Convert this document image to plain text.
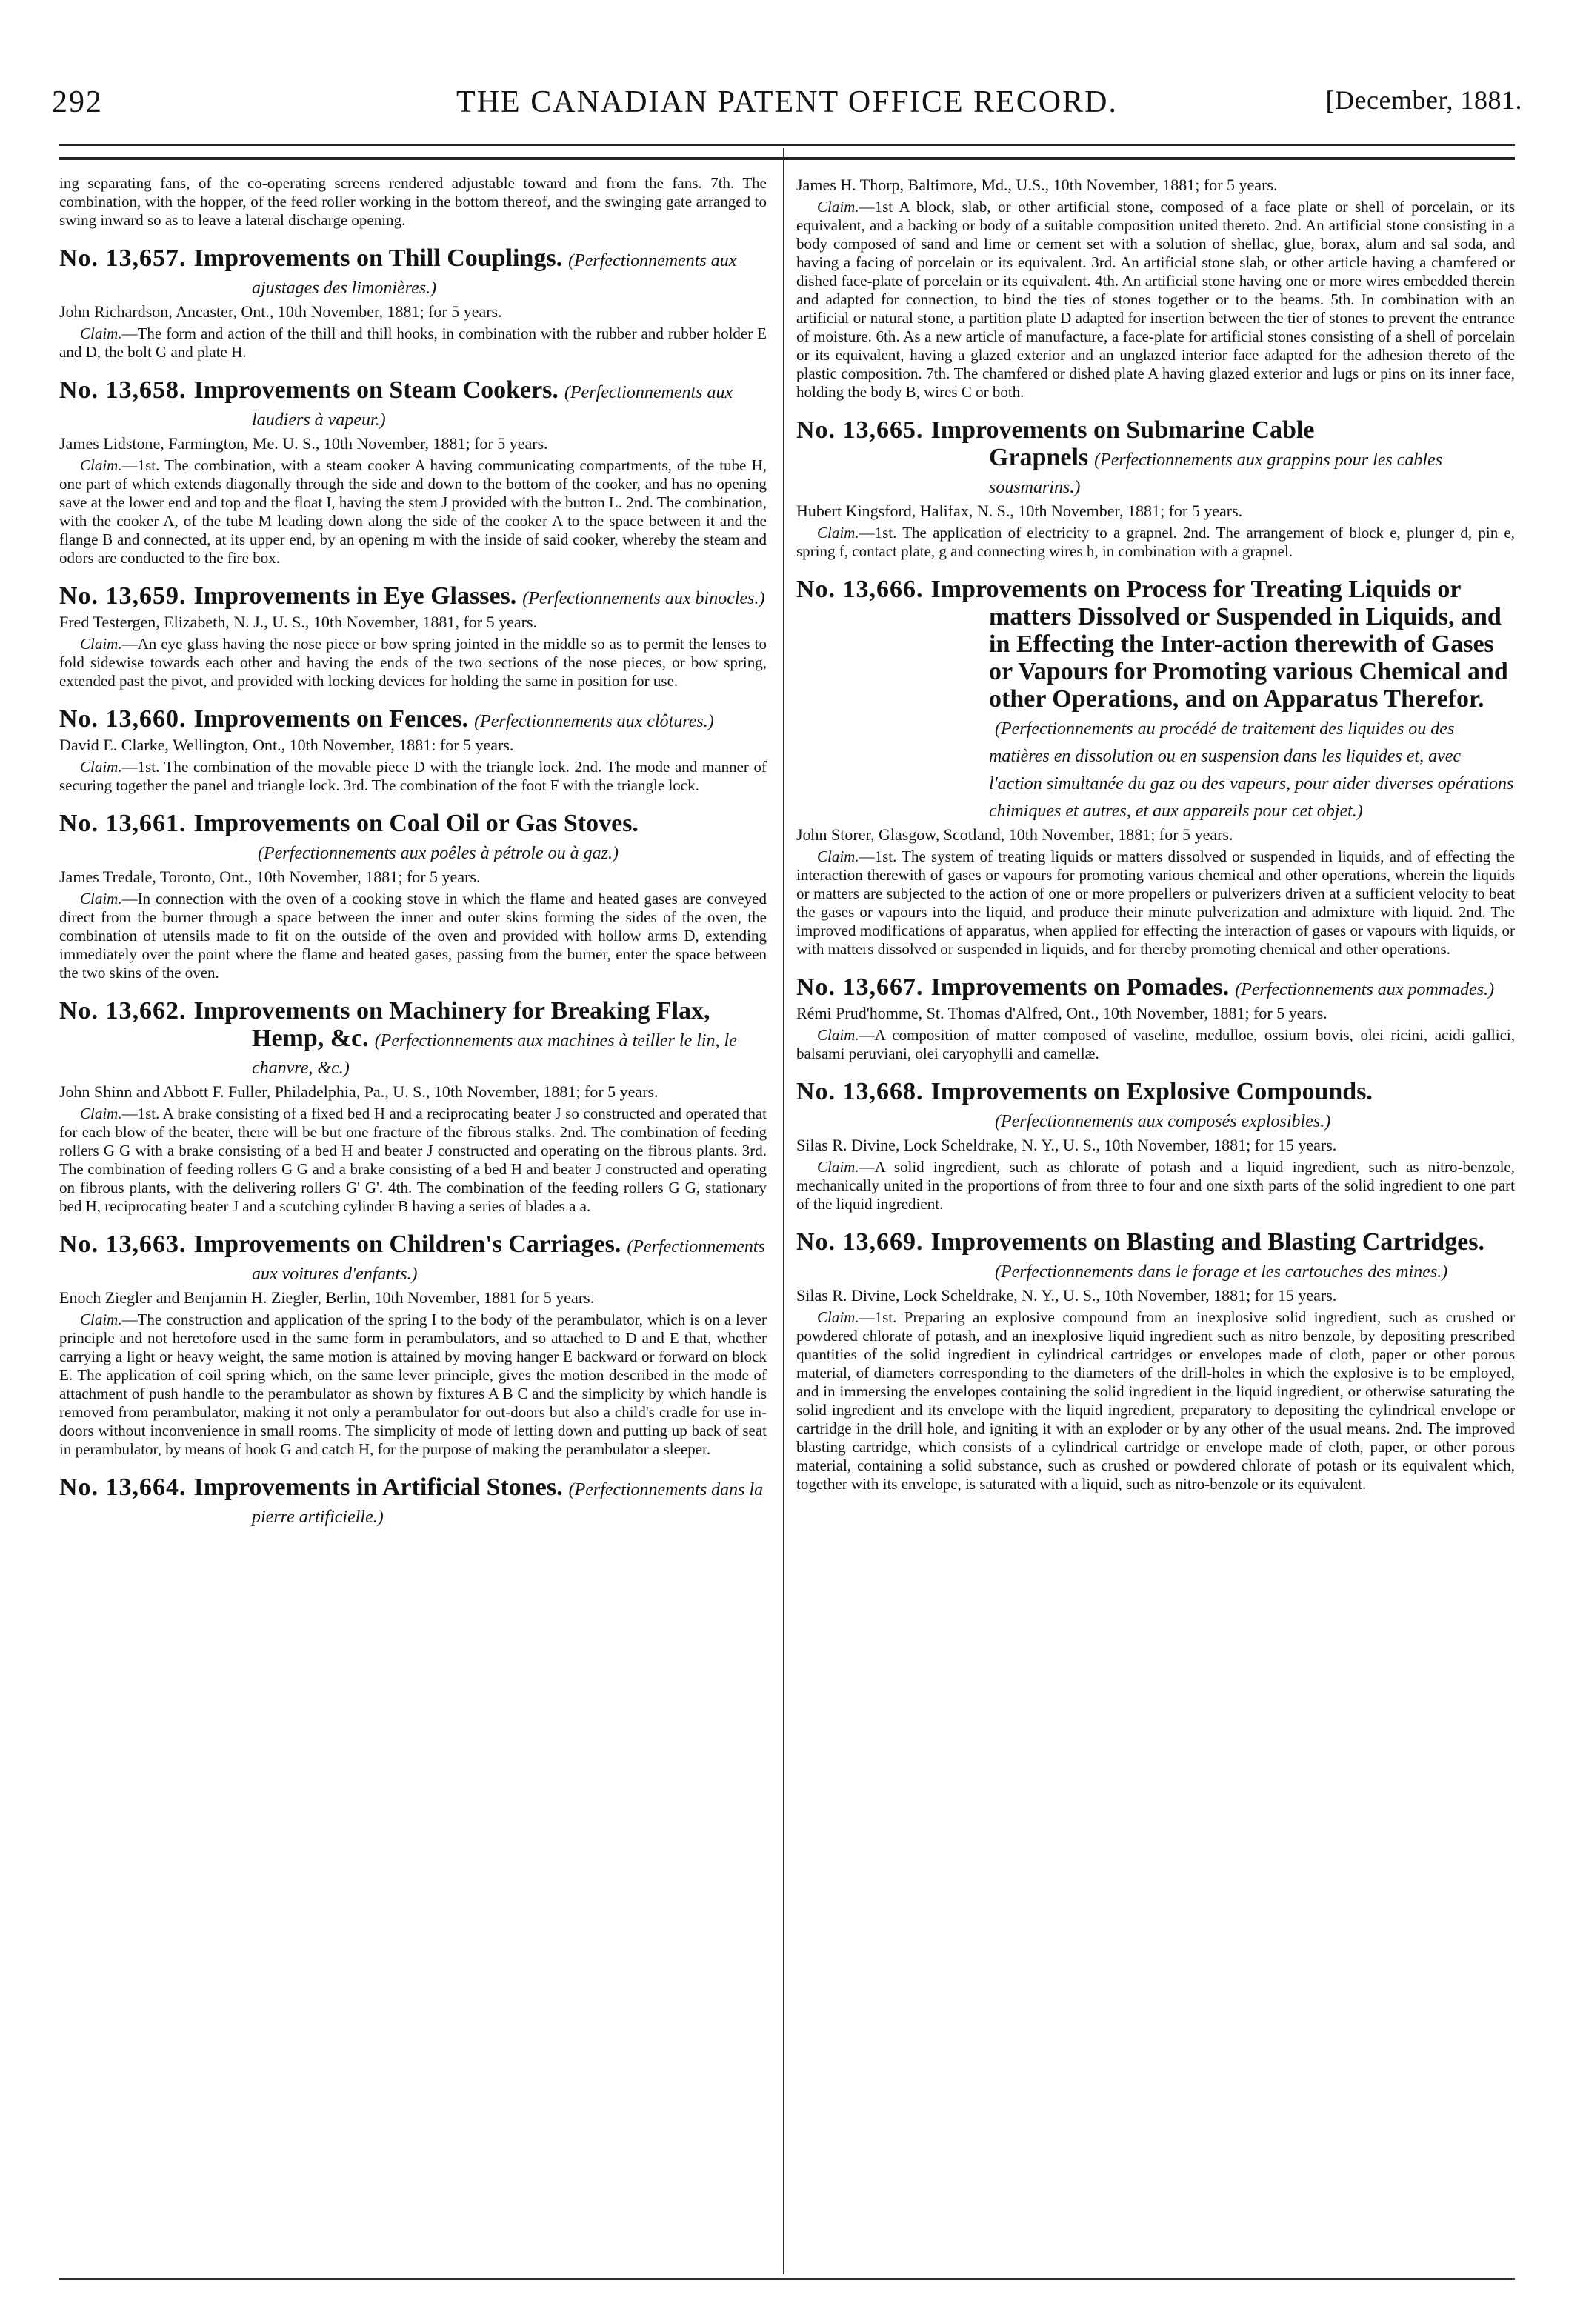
292	THE CANADIAN PATENT OFFICE RECORD.	[December, 1881.

ing separating fans, of the co-operating screens rendered adjustable toward and from the fans. 7th. The combination, with the hopper, of the feed roller working in the bottom thereof, and the swinging gate arranged to swing inward so as to leave a lateral discharge opening.

No. 13,657. Improvements on Thill Couplings. (Perfectionnements aux ajustages des limonières.)
John Richardson, Ancaster, Ont., 10th November, 1881; for 5 years.

Claim.—The form and action of the thill and thill hooks, in combination with the rubber and rubber holder E and D, the bolt G and plate H.

No. 13,658. Improvements on Steam Cookers. (Perfectionnements aux laudiers à vapeur.)
James Lidstone, Farmington, Me. U. S., 10th November, 1881; for 5 years.

Claim.—1st. The combination, with a steam cooker A having communicating compartments, of the tube H, one part of which extends diagonally through the side and down to the bottom of the cooker, and has no opening save at the lower end and top and the float I, having the stem J provided with the button L. 2nd. The combination, with the cooker A, of the tube M leading down along the side of the cooker A to the space between it and the flange B and connected, at its upper end, by an opening m with the inside of said cooker, whereby the steam and odors are conducted to the fire box.

No. 13,659. Improvements in Eye Glasses. (Perfectionnements aux binocles.)
Fred Testergen, Elizabeth, N. J., U. S., 10th November, 1881, for 5 years.

Claim.—An eye glass having the nose piece or bow spring jointed in the middle so as to permit the lenses to fold sidewise towards each other and having the ends of the two sections of the nose pieces, or bow spring, extended past the pivot, and provided with locking devices for holding the same in position for use.

No. 13,660. Improvements on Fences. (Perfectionnements aux clôtures.)
David E. Clarke, Wellington, Ont., 10th November, 1881: for 5 years.

Claim.—1st. The combination of the movable piece D with the triangle lock. 2nd. The mode and manner of securing together the panel and triangle lock. 3rd. The combination of the foot F with the triangle lock.

No. 13,661. Improvements on Coal Oil or Gas Stoves.(Perfectionnements aux poêles à pétrole ou à gaz.)
James Tredale, Toronto, Ont., 10th November, 1881; for 5 years.

Claim.—In connection with the oven of a cooking stove in which the flame and heated gases are conveyed direct from the burner through a space between the inner and outer skins forming the sides of the oven, the combination of utensils made to fit on the outside of the oven and provided with hollow arms D, extending immediately over the point where the flame and heated gases, passing from the burner, enter the space between the two skins of the oven.

No. 13,662. Improvements on Machinery for Breaking Flax, Hemp, &c. (Perfectionnements aux machines à teiller le lin, le chanvre, &c.)
John Shinn and Abbott F. Fuller, Philadelphia, Pa., U. S., 10th November, 1881; for 5 years.

Claim.—1st. A brake consisting of a fixed bed H and a reciprocating beater J so constructed and operated that for each blow of the beater, there will be but one fracture of the fibrous stalks. 2nd. The combination of feeding rollers G G with a brake consisting of a bed H and beater J constructed and operating on the fibrous plants. 3rd. The combination of feeding rollers G G and a brake consisting of a bed H and beater J constructed and operating on fibrous plants, with the delivering rollers G' G'. 4th. The combination of the feeding rollers G G, stationary bed H, reciprocating beater J and a scutching cylinder B having a series of blades a a.

No. 13,663. Improvements on Children's Carriages. (Perfectionnements aux voitures d'enfants.)
Enoch Ziegler and Benjamin H. Ziegler, Berlin, 10th November, 1881 for 5 years.

Claim.—The construction and application of the spring I to the body of the perambulator, which is on a lever principle and not heretofore used in the same form in perambulators, and so attached to D and E that, whether carrying a light or heavy weight, the same motion is attained by moving hanger E backward or forward on block E. The application of coil spring which, on the same lever principle, gives the motion described in the mode of attachment of push handle to the perambulator as shown by fixtures A B C and the simplicity by which handle is removed from perambulator, making it not only a perambulator for out-doors but also a child's cradle for use in-doors without inconvenience in small rooms. The simplicity of mode of letting down and putting up back of seat in perambulator, by means of hook G and catch H, for the purpose of making the perambulator a sleeper.

No. 13,664. Improvements in Artificial Stones. (Perfectionnements dans la pierre artificielle.)
James H. Thorp, Baltimore, Md., U.S., 10th November, 1881; for 5 years.

Claim.—1st A block, slab, or other artificial stone, composed of a face plate or shell of porcelain, or its equivalent, and a backing or body of a suitable composition united thereto. 2nd. An artificial stone consisting in a body composed of sand and lime or cement set with a solution of shellac, glue, borax, alum and sal soda, and having a facing of porcelain or its equivalent. 3rd. An artificial stone slab, or other article having a chamfered or dished face-plate of porcelain or its equivalent. 4th. An artificial stone having one or more wires embedded therein and adapted for connection, to bind the ties of stones together or to the beams. 5th. In combination with an artificial or natural stone, a partition plate D adapted for insertion between the tier of stones to prevent the entrance of moisture. 6th. As a new article of manufacture, a face-plate for artificial stones consisting of a shell of porcelain or its equivalent, having a glazed exterior and an unglazed interior face adapted for the adhesion thereto of the plastic composition. 7th. The chamfered or dished plate A having glazed exterior and lugs or pins on its inner face, holding the body B, wires C or both.

No. 13,665. Improvements on Submarine Cable Grapnels (Perfectionnements aux grappins pour les cables sousmarins.)
Hubert Kingsford, Halifax, N. S., 10th November, 1881; for 5 years.

Claim.—1st. The application of electricity to a grapnel. 2nd. The arrangement of block e, plunger d, pin e, spring f, contact plate, g and connecting wires h, in combination with a grapnel.

No. 13,666. Improvements on Process for Treating Liquids or matters Dissolved or Suspended in Liquids, and in Effecting the Inter-action therewith of Gases or Vapours for Promoting various Chemical and other Operations, and on Apparatus Therefor.(Perfectionnements au procédé de traitement des liquides ou des matières en dissolution ou en suspension dans les liquides et, avec l'action simultanée du gaz ou des vapeurs, pour aider diverses opérations chimiques et autres, et aux appareils pour cet objet.)
John Storer, Glasgow, Scotland, 10th November, 1881; for 5 years.

Claim.—1st. The system of treating liquids or matters dissolved or suspended in liquids, and of effecting the interaction therewith of gases or vapours for promoting various chemical and other operations, wherein the liquids or matters are subjected to the action of one or more propellers or pulverizers driven at a sufficient velocity to beat the gases or vapours into the liquid, and produce their minute pulverization and admixture with liquid. 2nd. The improved modifications of apparatus, when applied for effecting the interaction of gases or vapours with liquids, or with matters dissolved or suspended in liquids, and for thereby promoting chemical and other operations.

No. 13,667. Improvements on Pomades. (Perfectionnements aux pommades.)
Rémi Prud'homme, St. Thomas d'Alfred, Ont., 10th November, 1881; for 5 years.

Claim.—A composition of matter composed of vaseline, medulloe, ossium bovis, olei ricini, acidi gallici, balsami peruviani, olei caryophylli and camellæ.

No. 13,668. Improvements on Explosive Compounds.(Perfectionnements aux composés explosibles.)
Silas R. Divine, Lock Scheldrake, N. Y., U. S., 10th November, 1881; for 15 years.

Claim.—A solid ingredient, such as chlorate of potash and a liquid ingredient, such as nitro-benzole, mechanically united in the proportions of from three to four and one sixth parts of the solid ingredient to one part of the liquid ingredient.

No. 13,669. Improvements on Blasting and Blasting Cartridges.(Perfectionnements dans le forage et les cartouches des mines.)
Silas R. Divine, Lock Scheldrake, N. Y., U. S., 10th November, 1881; for 15 years.

Claim.—1st. Preparing an explosive compound from an inexplosive solid ingredient, such as crushed or powdered chlorate of potash, and an inexplosive liquid ingredient such as nitro benzole, by depositing prescribed quantities of the solid ingredient in cylindrical cartridges or envelopes made of cloth, paper or other porous material, of diameters corresponding to the diameters of the drill-holes in which the explosive is to be employed, and in immersing the envelopes containing the solid ingredient in the liquid ingredient, or otherwise saturating the solid ingredient and its envelope with the liquid ingredient, preparatory to depositing the cylindrical envelope or cartridge in the drill hole, and igniting it with an exploder or by any other of the usual means. 2nd. The improved blasting cartridge, which consists of a cylindrical cartridge or envelope made of cloth, paper, or other porous material, containing a solid substance, such as crushed or powdered chlorate of potash or its equivalent which, together with its envelope, is saturated with a liquid, such as nitro-benzole or its equivalent.
